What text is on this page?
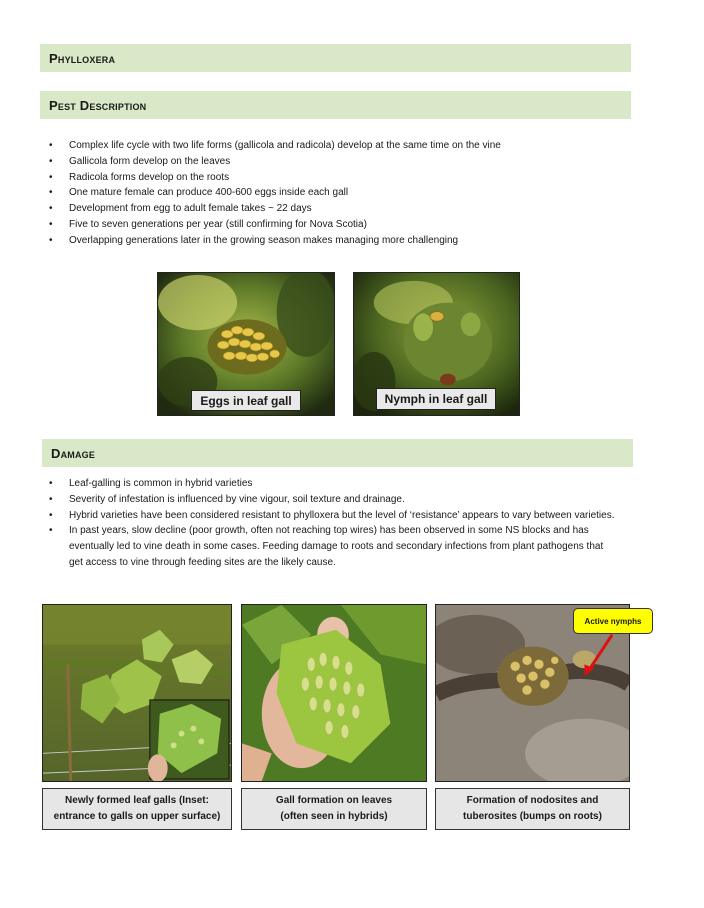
Phylloxera
Pest Description
• Complex life cycle with two life forms (gallicola and radicola) develop at the same time on the vine
• Gallicola form develop on the leaves
• Radicola forms develop on the roots
• One mature female can produce 400-600 eggs inside each gall
• Development from egg to adult female takes ~ 22 days
• Five to seven generations per year (still confirming for Nova Scotia)
• Overlapping generations later in the growing season makes managing more challenging
Eggs in leaf gall	Nymph in leaf gall
Damage
• Leaf-galling is common in hybrid varieties
• Severity of infestation is influenced by vine vigour, soil texture and drainage.
• Hybrid varieties have been considered resistant to phylloxera but the level of ‘resistance’ appears to vary between varieties.
• In past years, slow decline (poor growth, often not reaching top wires) has been observed in some NS blocks and has eventually led to vine death in some cases. Feeding damage to roots and secondary infections from plant pathogens that get access to vine through feeding sites are the likely cause.
Newly formed leaf galls (Inset:
entrance to galls on upper surface)
Gall formation on leaves
(often seen in hybrids)
Active nymphs
Formation of nodosites and
tuberosites (bumps on roots)
